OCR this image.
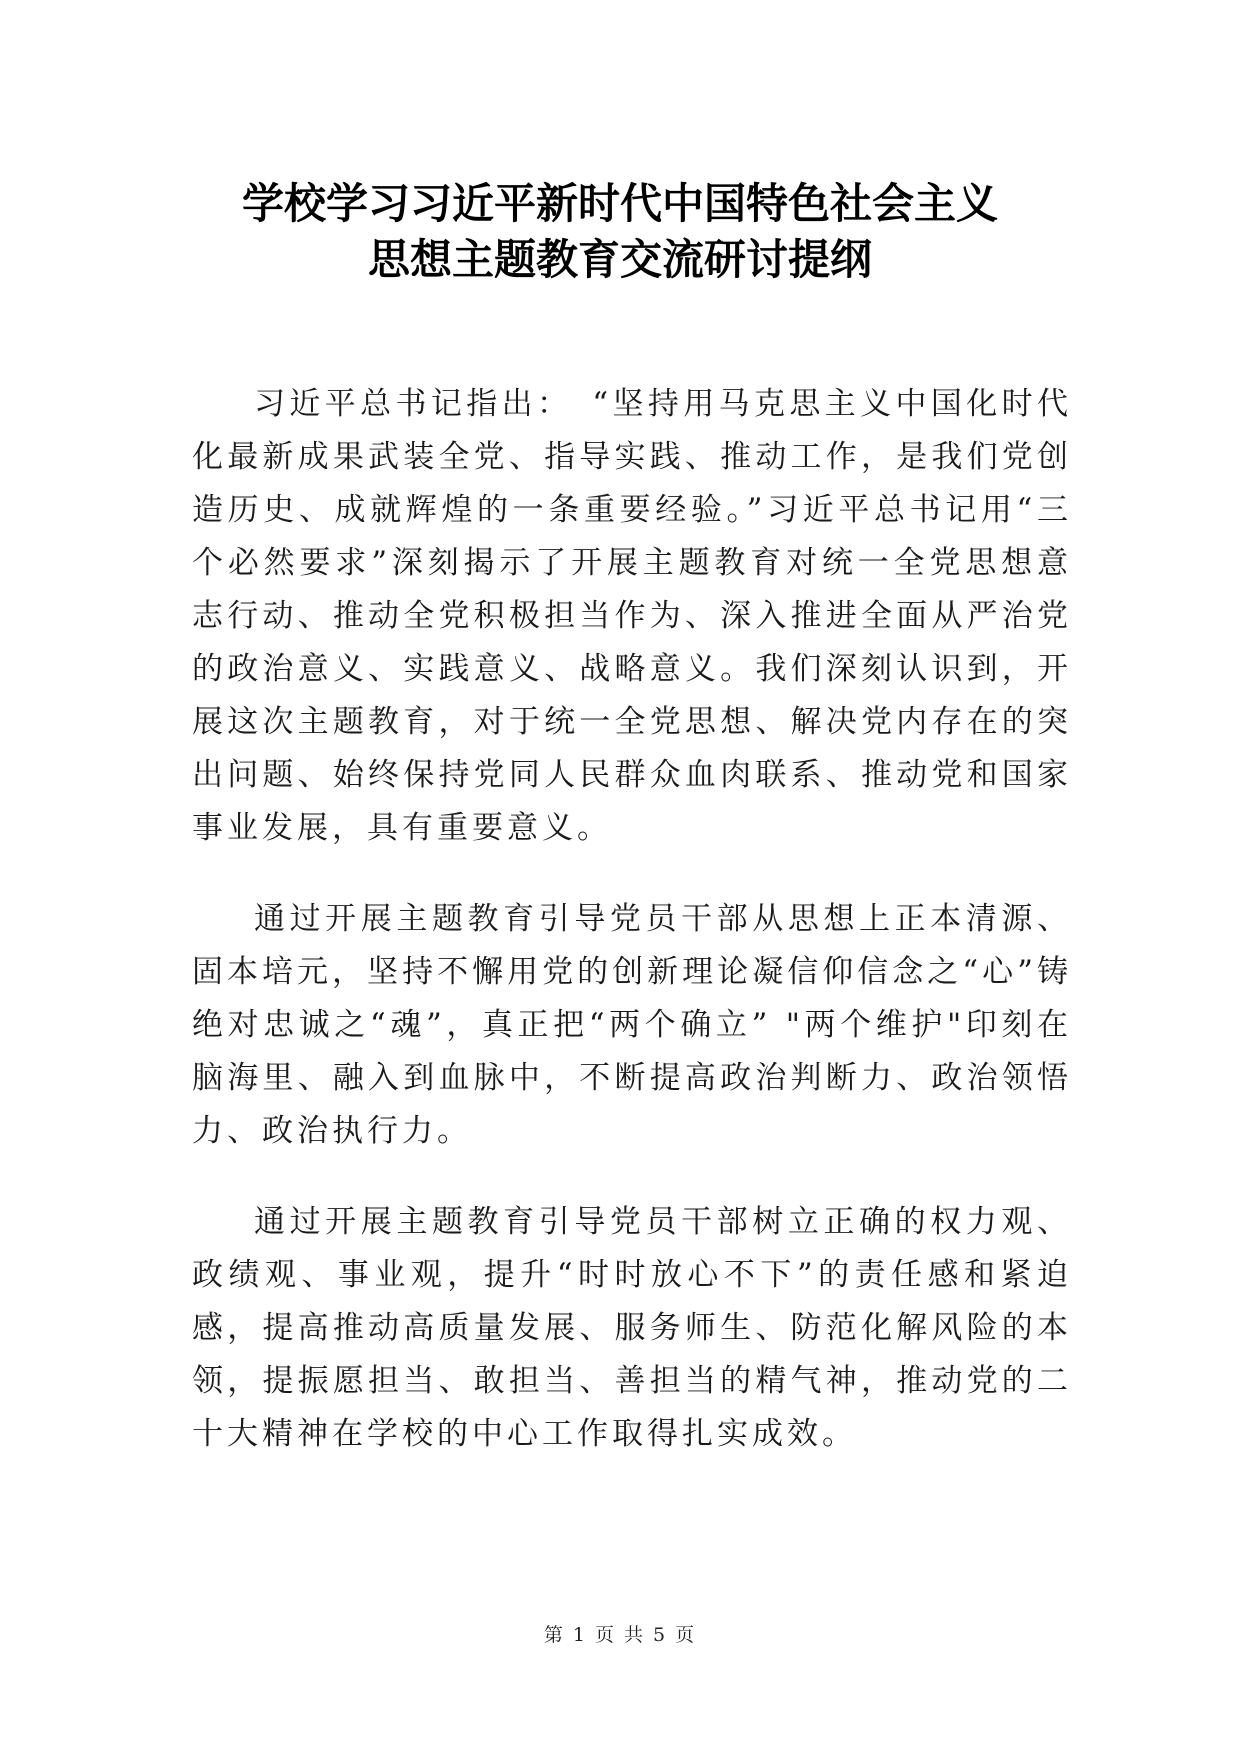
学校学习习近平新时代中国特色社会主义
思想主题教育交流研讨提纲

习近平总书记指出：　“坚持用马克思主义中国化时代化最新成果武装全党、指导实践、推动工作，是我们党创造历史、成就辉煌的一条重要经验。”习近平总书记用“三个必然要求”深刻揭示了开展主题教育对统一全党思想意志行动、推动全党积极担当作为、深入推进全面从严治党的政治意义、实践意义、战略意义。我们深刻认识到，开展这次主题教育，对于统一全党思想、解决党内存在的突出问题、始终保持党同人民群众血肉联系、推动党和国家事业发展，具有重要意义。

通过开展主题教育引导党员干部从思想上正本清源、固本培元，坚持不懈用党的创新理论凝信仰信念之“心”铸绝对忠诚之“魂”，真正把“两个确立” "两个维护"印刻在脑海里、融入到血脉中，不断提高政治判断力、政治领悟力、政治执行力。

通过开展主题教育引导党员干部树立正确的权力观、政绩观、事业观，提升“时时放心不下”的责任感和紧迫感，提高推动高质量发展、服务师生、防范化解风险的本领，提振愿担当、敢担当、善担当的精气神，推动党的二十大精神在学校的中心工作取得扎实成效。

第 1 页 共 5 页
